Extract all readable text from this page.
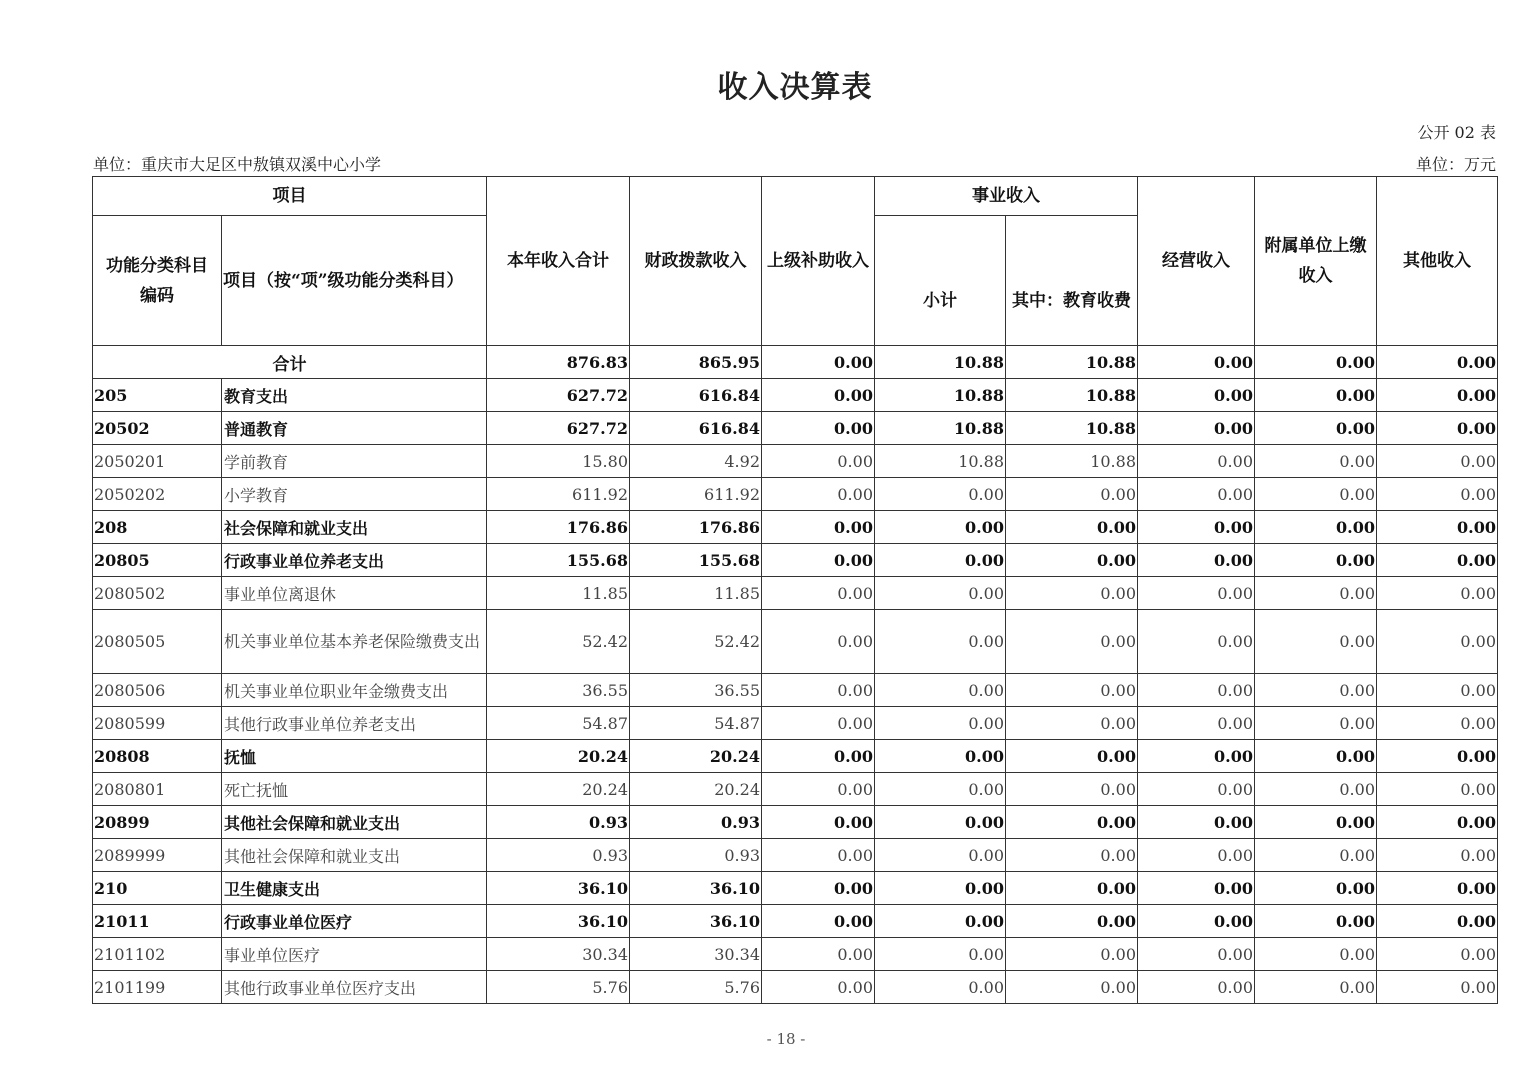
收入决算表
公开 02 表
单位：重庆市大足区中敖镇双溪中心小学	单位：万元
项目		本年收入合计	财政拨款收入	上级补助收入	事业收入		经营收入	附属单位上缴收入	其他收入
功能分类科目编码	项目（按“项”级功能分类科目）				小计	其中：教育收费			
合计		876.83	865.95	0.00	10.88	10.88	0.00	0.00	0.00
205	教育支出	627.72	616.84	0.00	10.88	10.88	0.00	0.00	0.00
20502	普通教育	627.72	616.84	0.00	10.88	10.88	0.00	0.00	0.00
2050201	学前教育	15.80	4.92	0.00	10.88	10.88	0.00	0.00	0.00
2050202	小学教育	611.92	611.92	0.00	0.00	0.00	0.00	0.00	0.00
208	社会保障和就业支出	176.86	176.86	0.00	0.00	0.00	0.00	0.00	0.00
20805	行政事业单位养老支出	155.68	155.68	0.00	0.00	0.00	0.00	0.00	0.00
2080502	事业单位离退休	11.85	11.85	0.00	0.00	0.00	0.00	0.00	0.00
2080505	机关事业单位基本养老保险缴费支出	52.42	52.42	0.00	0.00	0.00	0.00	0.00	0.00
2080506	机关事业单位职业年金缴费支出	36.55	36.55	0.00	0.00	0.00	0.00	0.00	0.00
2080599	其他行政事业单位养老支出	54.87	54.87	0.00	0.00	0.00	0.00	0.00	0.00
20808	抚恤	20.24	20.24	0.00	0.00	0.00	0.00	0.00	0.00
2080801	死亡抚恤	20.24	20.24	0.00	0.00	0.00	0.00	0.00	0.00
20899	其他社会保障和就业支出	0.93	0.93	0.00	0.00	0.00	0.00	0.00	0.00
2089999	其他社会保障和就业支出	0.93	0.93	0.00	0.00	0.00	0.00	0.00	0.00
210	卫生健康支出	36.10	36.10	0.00	0.00	0.00	0.00	0.00	0.00
21011	行政事业单位医疗	36.10	36.10	0.00	0.00	0.00	0.00	0.00	0.00
2101102	事业单位医疗	30.34	30.34	0.00	0.00	0.00	0.00	0.00	0.00
2101199	其他行政事业单位医疗支出	5.76	5.76	0.00	0.00	0.00	0.00	0.00	0.00
- 18 -
